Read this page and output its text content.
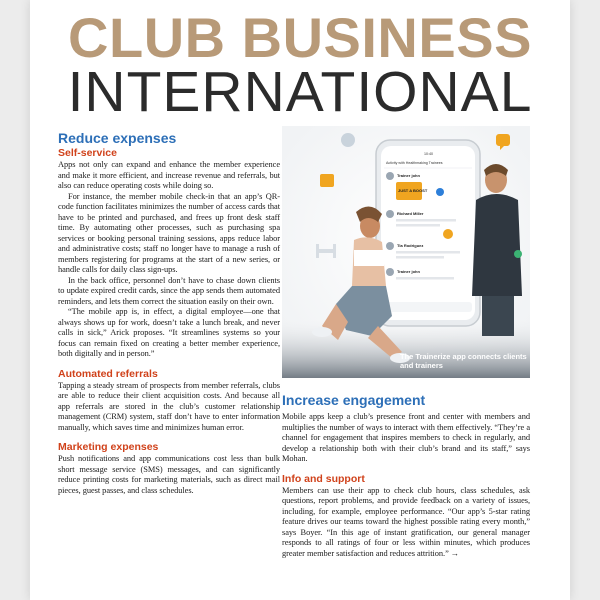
CLUB BUSINESS
INTERNATIONAL
Reduce expenses
Self-service

Apps not only can expand and enhance the member experience and make it more efficient, and increase revenue and referrals, but also can reduce operating costs while doing so.

For instance, the member mobile check-in that an app’s QR-code function facilitates minimizes the number of access cards that have to be printed and purchased, and frees up front desk staff time. By automating other processes, such as purchasing spa services or booking personal training sessions, apps reduce labor and administrative costs; staff no longer have to manage a rush of members registering for programs at the start of a new series, or handle calls for daily class sign-ups.

In the back office, personnel don’t have to chase down clients to update expired credit cards, since the app sends them automated reminders, and lets them correct the situation easily on their own.

“The mobile app is, in effect, a digital employee—one that always shows up for work, doesn’t take a lunch break, and never calls in sick,” Arick proposes. “It streamlines systems so your focus can remain fixed on creating a better member experience, both digitally and in person.”

Automated referrals

Tapping a steady stream of prospects from member referrals, clubs are able to reduce their client acquisition costs. And because all app referrals are stored in the club’s customer relationship management (CRM) system, staff don’t have to enter information manually, which saves time and minimizes human error.

Marketing expenses

Push notifications and app communications cost less than bulk short message service (SMS) messages, and can significantly reduce printing costs for marketing materials, such as direct mail pieces, guest passes, and class schedules.

10:40
Activity with Healthmaking Trainees
Trainer john
JUST A BOOST
Richard Miller
Tia Rodriguez
Trainer john
The Trainerize app connects clients and trainers
Increase engagement

Mobile apps keep a club’s presence front and center with members and multiplies the number of ways to interact with them effectively. “They’re a channel for engagement that inspires members to check in regularly, and develop a relationship both with their club’s brand and its staff,” says Mohan.

Info and support

Members can use their app to check club hours, class schedules, ask questions, report problems, and provide feedback on a variety of issues, including, for example, employee performance. “Our app’s 5-star rating feature drives our teams toward the highest possible rating every month,” says Boyer. “In this age of instant gratification, our general manager responds to all ratings of four or less within minutes, which produces greater member satisfaction and reduces attrition.” →
